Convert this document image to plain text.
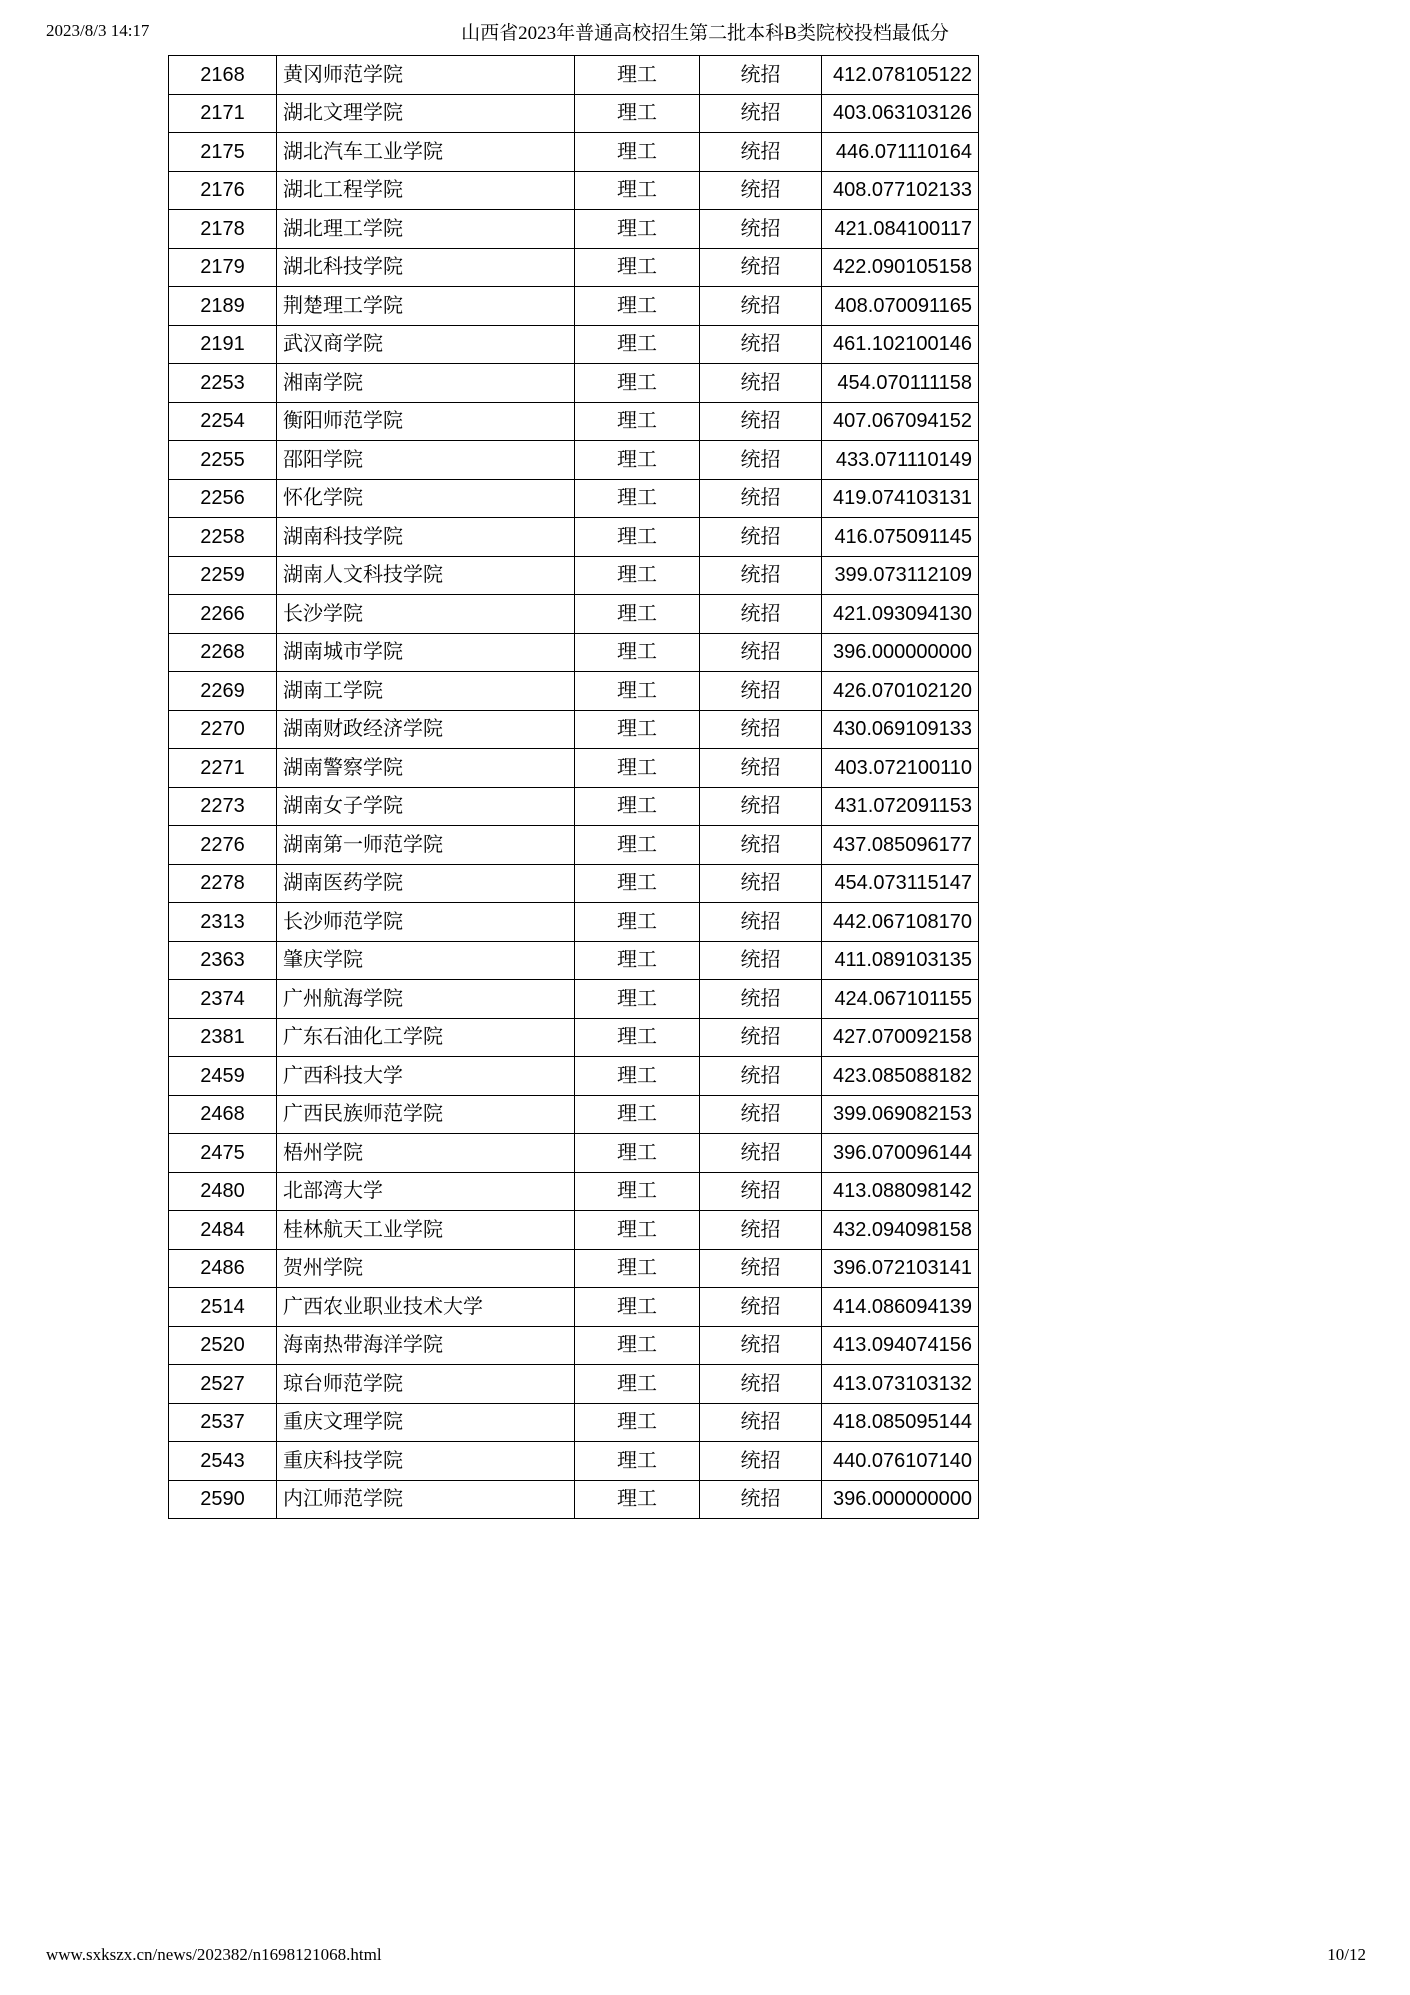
2023/8/3 14:17	山西省2023年普通高校招生第二批本科B类院校投档最低分
2168	黄冈师范学院	理工	统招	412.078105122
2171	湖北文理学院	理工	统招	403.063103126
2175	湖北汽车工业学院	理工	统招	446.071110164
2176	湖北工程学院	理工	统招	408.077102133
2178	湖北理工学院	理工	统招	421.084100117
2179	湖北科技学院	理工	统招	422.090105158
2189	荆楚理工学院	理工	统招	408.070091165
2191	武汉商学院	理工	统招	461.102100146
2253	湘南学院	理工	统招	454.070111158
2254	衡阳师范学院	理工	统招	407.067094152
2255	邵阳学院	理工	统招	433.071110149
2256	怀化学院	理工	统招	419.074103131
2258	湖南科技学院	理工	统招	416.075091145
2259	湖南人文科技学院	理工	统招	399.073112109
2266	长沙学院	理工	统招	421.093094130
2268	湖南城市学院	理工	统招	396.000000000
2269	湖南工学院	理工	统招	426.070102120
2270	湖南财政经济学院	理工	统招	430.069109133
2271	湖南警察学院	理工	统招	403.072100110
2273	湖南女子学院	理工	统招	431.072091153
2276	湖南第一师范学院	理工	统招	437.085096177
2278	湖南医药学院	理工	统招	454.073115147
2313	长沙师范学院	理工	统招	442.067108170
2363	肇庆学院	理工	统招	411.089103135
2374	广州航海学院	理工	统招	424.067101155
2381	广东石油化工学院	理工	统招	427.070092158
2459	广西科技大学	理工	统招	423.085088182
2468	广西民族师范学院	理工	统招	399.069082153
2475	梧州学院	理工	统招	396.070096144
2480	北部湾大学	理工	统招	413.088098142
2484	桂林航天工业学院	理工	统招	432.094098158
2486	贺州学院	理工	统招	396.072103141
2514	广西农业职业技术大学	理工	统招	414.086094139
2520	海南热带海洋学院	理工	统招	413.094074156
2527	琼台师范学院	理工	统招	413.073103132
2537	重庆文理学院	理工	统招	418.085095144
2543	重庆科技学院	理工	统招	440.076107140
2590	内江师范学院	理工	统招	396.000000000
www.sxkszx.cn/news/202382/n1698121068.html	10/12
